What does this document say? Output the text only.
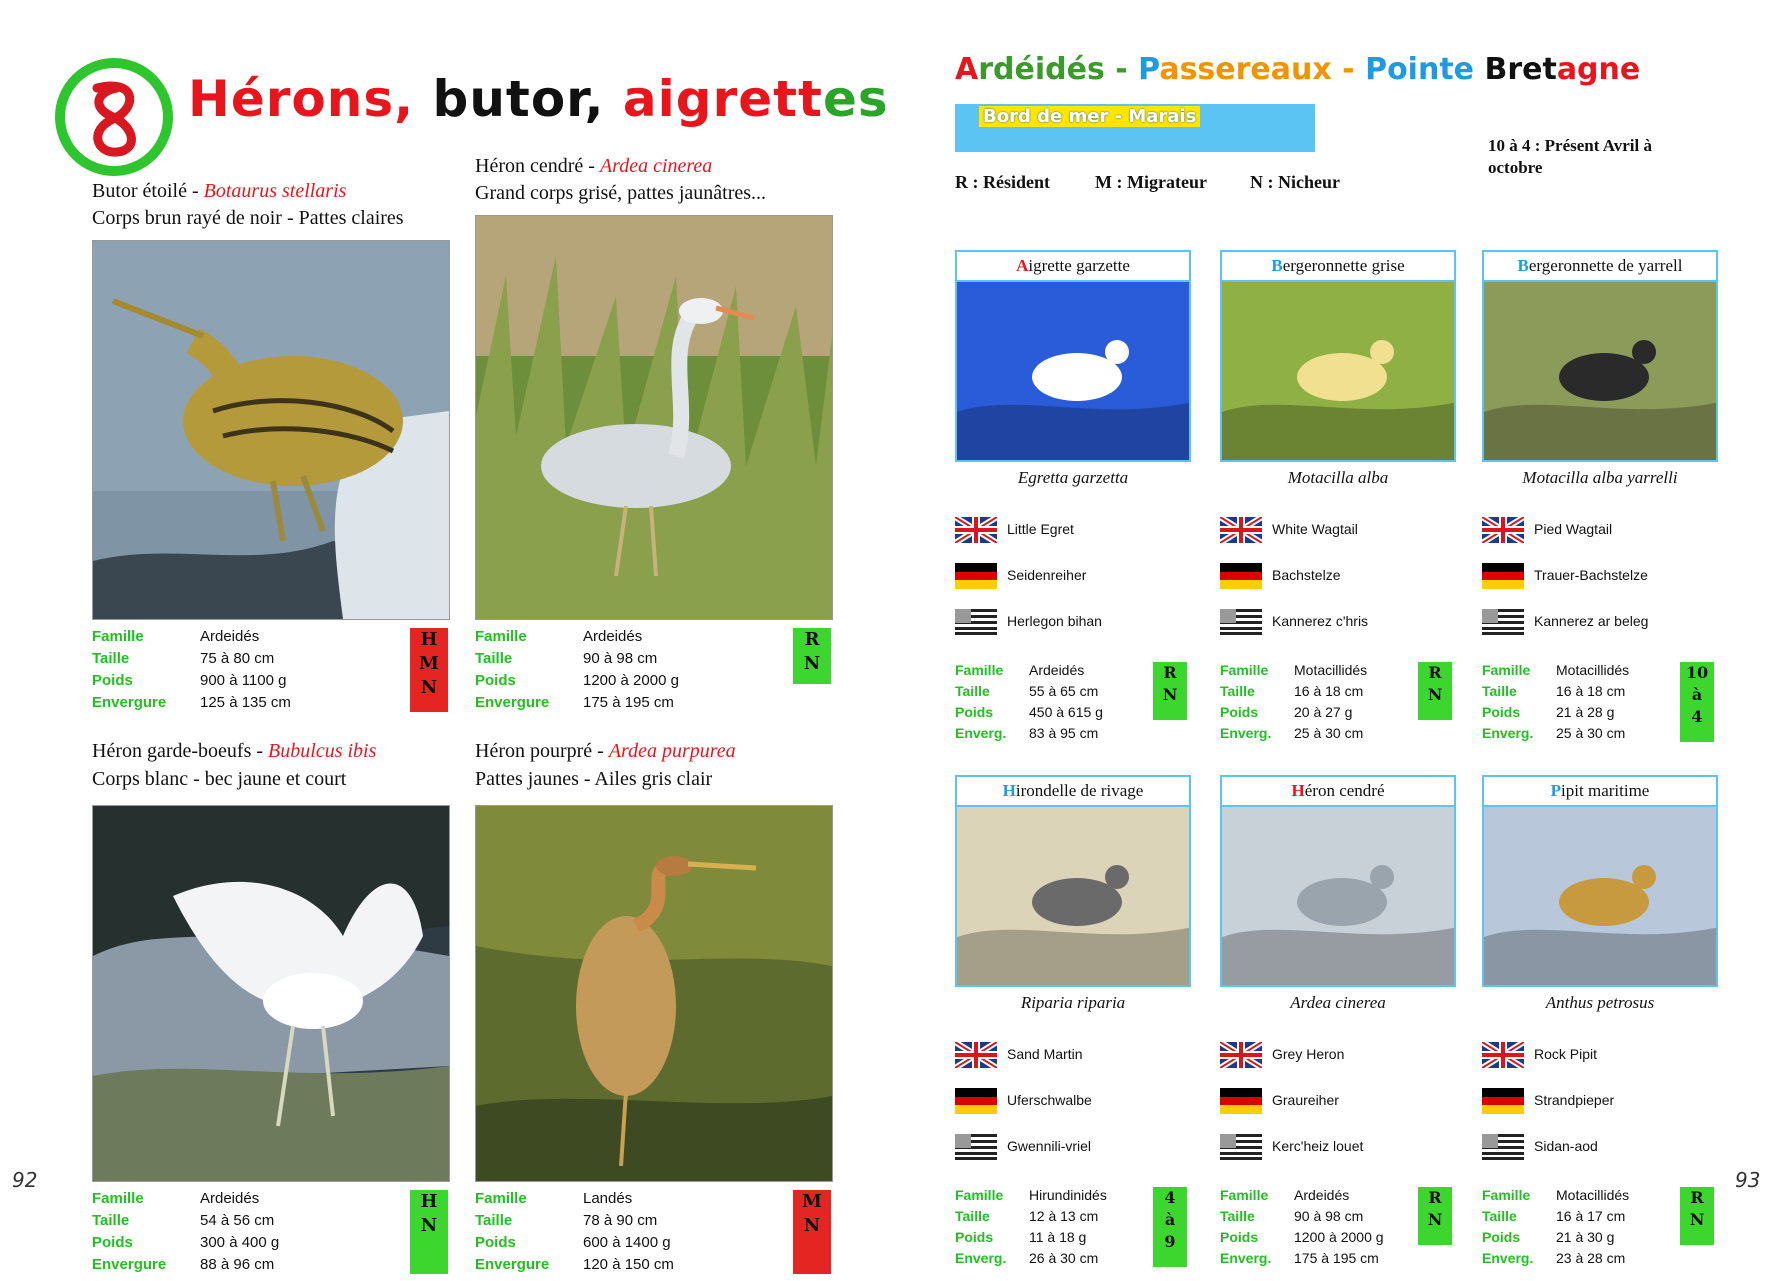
Hérons, butor, aigrettes
Butor étoilé - Botaurus stellaris
Corps brun rayé de noir - Pattes claires
Famille	Ardeidés
Taille	75 à 80 cm
Poids	900 à 1100 g
Envergure 125 à 135 cm
H
M
N
Héron cendré - Ardea cinerea
Grand corps grisé, pattes jaunâtres...
Famille	Ardeidés
Taille	90 à 98 cm
Poids	1200 à 2000 g
Envergure 175 à 195 cm
R
N
Héron garde-boeufs - Bubulcus ibis
Corps blanc - bec jaune et court
Famille	Ardeidés
Taille	54 à 56 cm
Poids	300 à 400 g
Envergure 88 à 96 cm
H
N
Héron pourpré - Ardea purpurea
Pattes jaunes - Ailes gris clair
Famille	Landés
Taille	78 à 90 cm
Poids	600 à 1400 g
Envergure 120 à 150 cm
M
N
92
Ardéidés - Passereaux - Pointe Bretagne
Bord de mer - Marais
R : Résident	M : Migrateur N : Nicheur
10 à 4 : Présent Avril à octobre
Aigrette garzette
Egretta garzetta
Little Egret
Seidenreiher
Herlegon bihan
Famille Ardeidés
Taille	55 à 65 cm
Poids	450 à 615 g
Enverg. 83 à 95 cm
R
N
Bergeronnette grise
Motacilla alba
White Wagtail
Bachstelze
Kannerez c'hris
Famille Motacillidés
Taille	16 à 18 cm
Poids	20 à 27 g
Enverg. 25 à 30 cm
R
N
Bergeronnette de yarrell
Motacilla alba yarrelli
Pied Wagtail
Trauer-Bachstelze
Kannerez ar beleg
Famille Motacillidés
Taille	16 à 18 cm
Poids	21 à 28 g
Enverg. 25 à 30 cm
10
à
4
Hirondelle de rivage
Riparia riparia
Sand Martin
Uferschwalbe
Gwennili-vriel
Famille Hirundinidés
Taille	12 à 13 cm
Poids	11 à 18 g
Enverg. 26 à 30 cm
4
à
9
Héron cendré
Ardea cinerea
Grey Heron
Graureiher
Kerc'heiz louet
Famille Ardeidés
Taille	90 à 98 cm
Poids	1200 à 2000 g
Enverg. 175 à 195 cm
R
N
Pipit maritime
Anthus petrosus
Rock Pipit
Strandpieper
Sidan-aod
Famille Motacillidés
Taille	16 à 17 cm
Poids	21 à 30 g
Enverg. 23 à 28 cm
R
N
93
